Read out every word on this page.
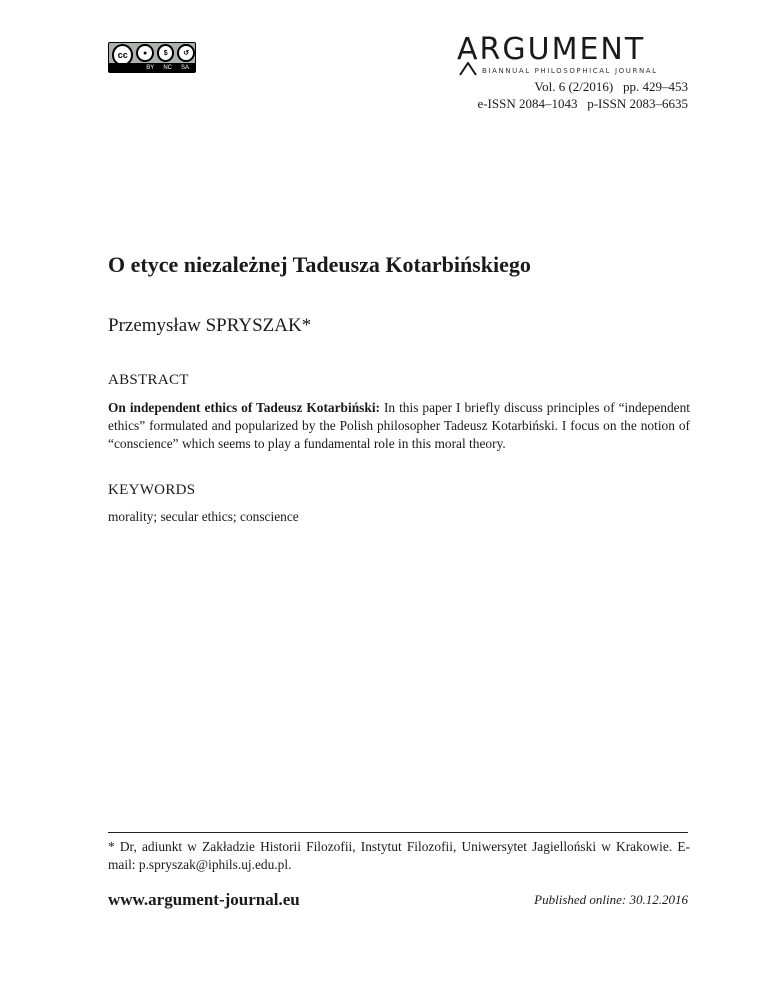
cc	●	$	↺
BY NC SA
ARGUMENT
BIANNUAL PHILOSOPHICAL JOURNAL
Vol. 6 (2/2016)   pp. 429–453
e-ISSN 2084–1043   p-ISSN 2083–6635
O etyce niezależnej Tadeusza Kotarbińskiego
Przemysław SPRYSZAK*
ABSTRACT

On independent ethics of Tadeusz Kotarbiński: In this paper I briefly discuss principles of “independent ethics” formulated and popularized by the Polish philosopher Tadeusz Kotarbiński. I focus on the notion of “conscience” which seems to play a fundamental role in this moral theory.

KEYWORDS
morality; secular ethics; conscience

* Dr, adiunkt w Zakładzie Historii Filozofii, Instytut Filozofii, Uniwersytet Jagielloński w Krakowie. E-mail: p.spryszak@iphils.uj.edu.pl.

www.argument-journal.eu	Published online: 30.12.2016
